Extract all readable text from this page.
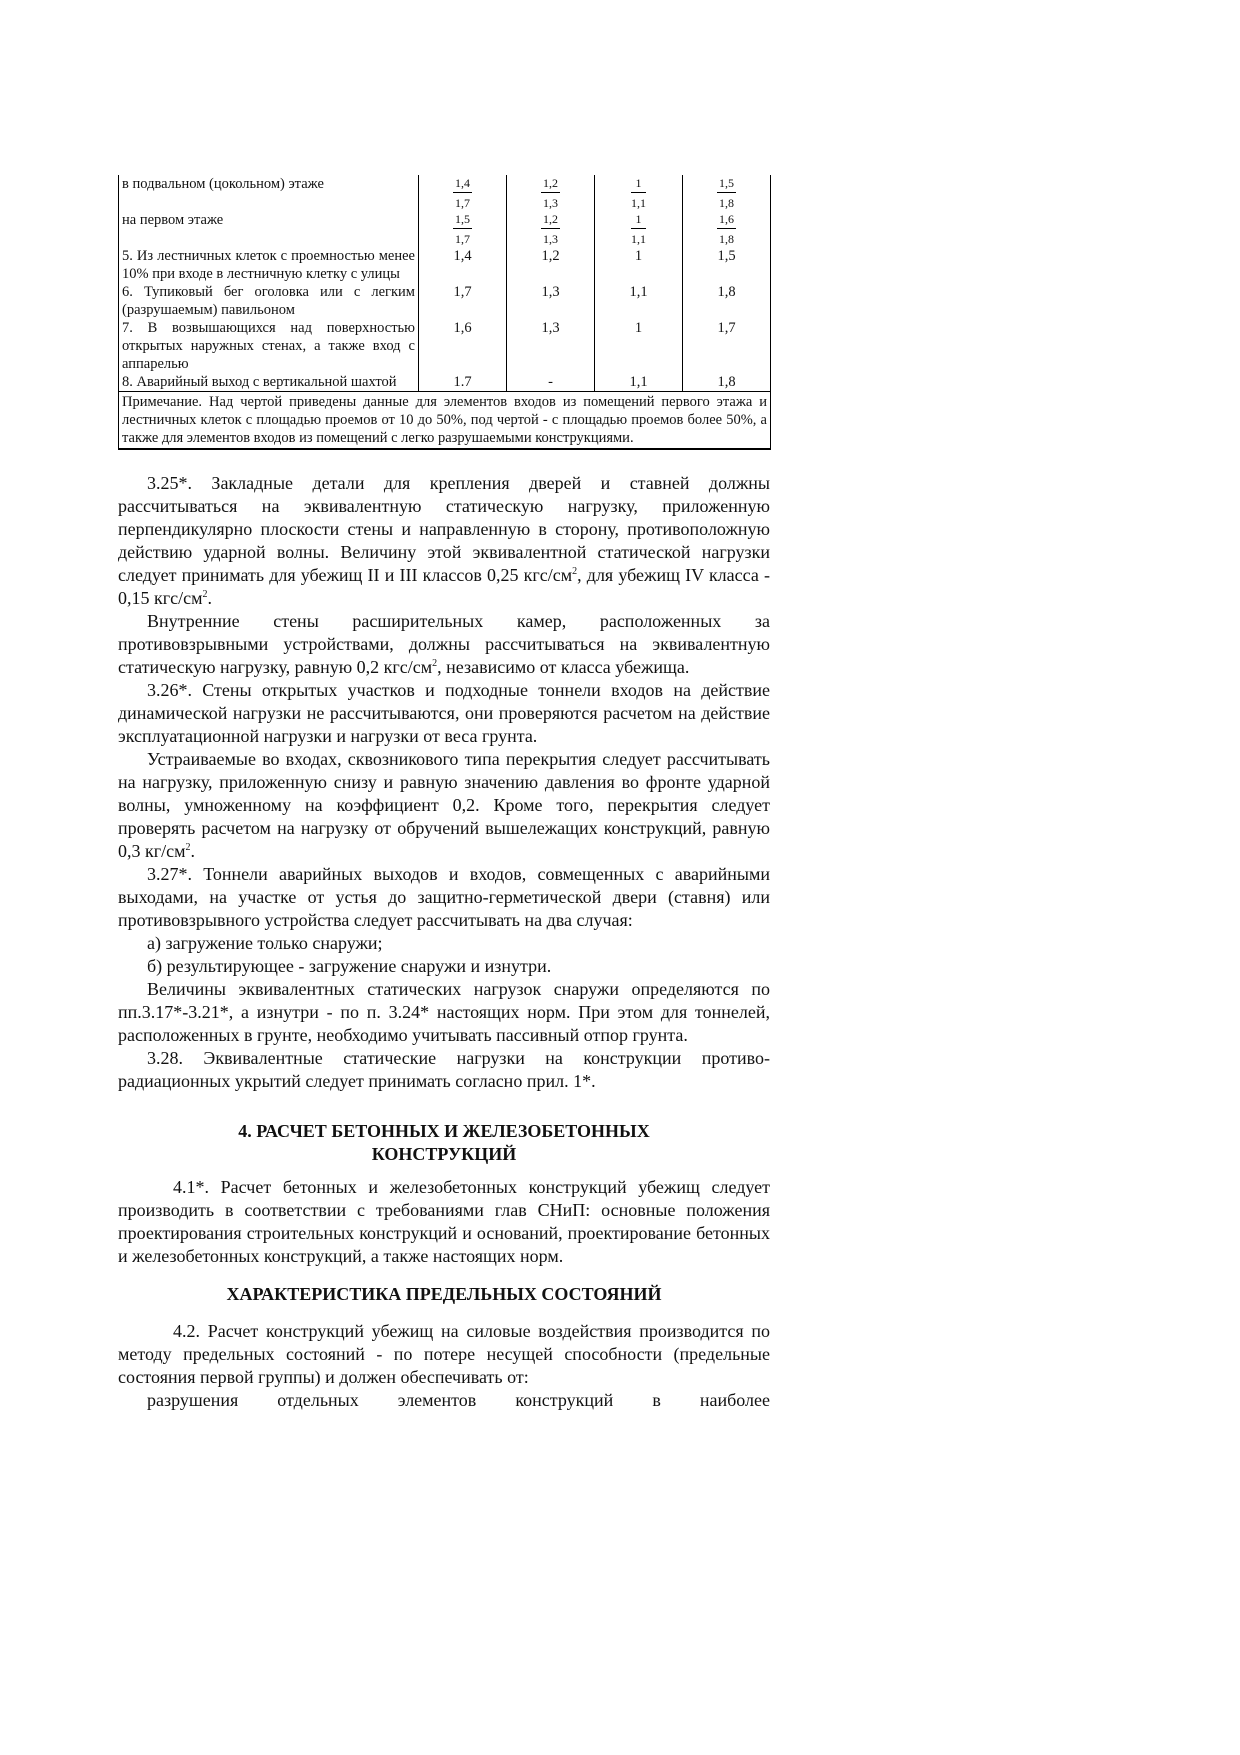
в подвальном (цокольном) этаже	$\frac{1,4}{1,7}$	$\frac{1,2}{1,3}$	$\frac{1}{1,1}$	$\frac{1,5}{1,8}$

на первом этаже	$\frac{1,5}{1,7}$	$\frac{1,2}{1,3}$	$\frac{1}{1,1}$	$\frac{1,6}{1,8}$

5. Из лестничных клеток с проемностью менее 10% при входе в лестничную клетку с улицы	1,4	1,2	1	1,5
6. Тупиковый бег оголовка или с легким (разрушаемым) павильоном	1,7	1,3	1,1	1,8
7. В возвышающихся над поверхностью открытых наружных стенах, а также вход с аппарелью	1,6	1,3	1	1,7
8. Аварийный выход с вертикальной шахтой	1.7	-	1,1	1,8
Примечание. Над чертой приведены данные для элементов входов из помещений первого этажа и лестничных клеток с площадью проемов от 10 до 50%, под чертой - с площадью проемов более 50%, а также для элементов входов из помещений с легко разрушаемыми конструкциями.				

3.25*. Закладные детали для крепления дверей и ставней должны рассчитываться на эквивалентную статическую нагрузку, приложенную перпендикулярно плоскости стены и направленную в сторону, противоположную действию ударной волны. Величину этой эквивалентной статической нагрузки следует принимать для убежищ II и III классов 0,25 кгс/$см^2$, для убежищ IV класса - 0,15 кгс/$см^2$.

Внутренние стены расширительных камер, расположенных за противовзрывными устройствами, должны рассчитываться на эквивалентную статическую нагрузку, равную 0,2 кгс/$см^2$, независимо от класса убежища.

3.26*. Стены открытых участков и подходные тоннели входов на действие динамической нагрузки не рассчитываются, они проверяются расчетом на действие эксплуатационной нагрузки и нагрузки от веса грунта.

Устраиваемые во входах, сквозникового типа перекрытия следует рассчитывать на нагрузку, приложенную снизу и равную значению давления во фронте ударной волны, умноженному на коэффициент 0,2. Кроме того, перекрытия следует проверять расчетом на нагрузку от обручений вышележащих конструкций, равную 0,3 $кг/см^2$.

3.27*. Тоннели аварийных выходов и входов, совмещенных с аварийными выходами, на участке от устья до защитно-герметической двери (ставня) или противовзрывного устройства следует рассчитывать на два случая:

а) загружение только снаружи;

б) результирующее - загружение снаружи и изнутри.

Величины эквивалентных статических нагрузок снаружи определяются по пп.3.17*-3.21*, а изнутри - по п. 3.24* настоящих норм. При этом для тоннелей, расположенных в грунте, необходимо учитывать пассивный отпор грунта.

3.28. Эквивалентные статические нагрузки на конструкции противорадиационных укрытий следует принимать согласно прил. 1*.

4. РАСЧЕТ БЕТОННЫХ И ЖЕЛЕЗОБЕТОННЫХ КОНСТРУКЦИЙ

4.1*. Расчет бетонных и железобетонных конструкций убежищ следует производить в соответствии с требованиями глав СНиП: основные положения проектирования строительных конструкций и оснований, проектирование бетонных и железобетонных конструкций, а также настоящих норм.

ХАРАКТЕРИСТИКА ПРЕДЕЛЬНЫХ СОСТОЯНИЙ

4.2. Расчет конструкций убежищ на силовые воздействия производится по методу предельных состояний - по потере несущей способности (предельные состояния первой группы) и должен обеспечивать от:

разрушения отдельных элементов конструкций в наиболее
